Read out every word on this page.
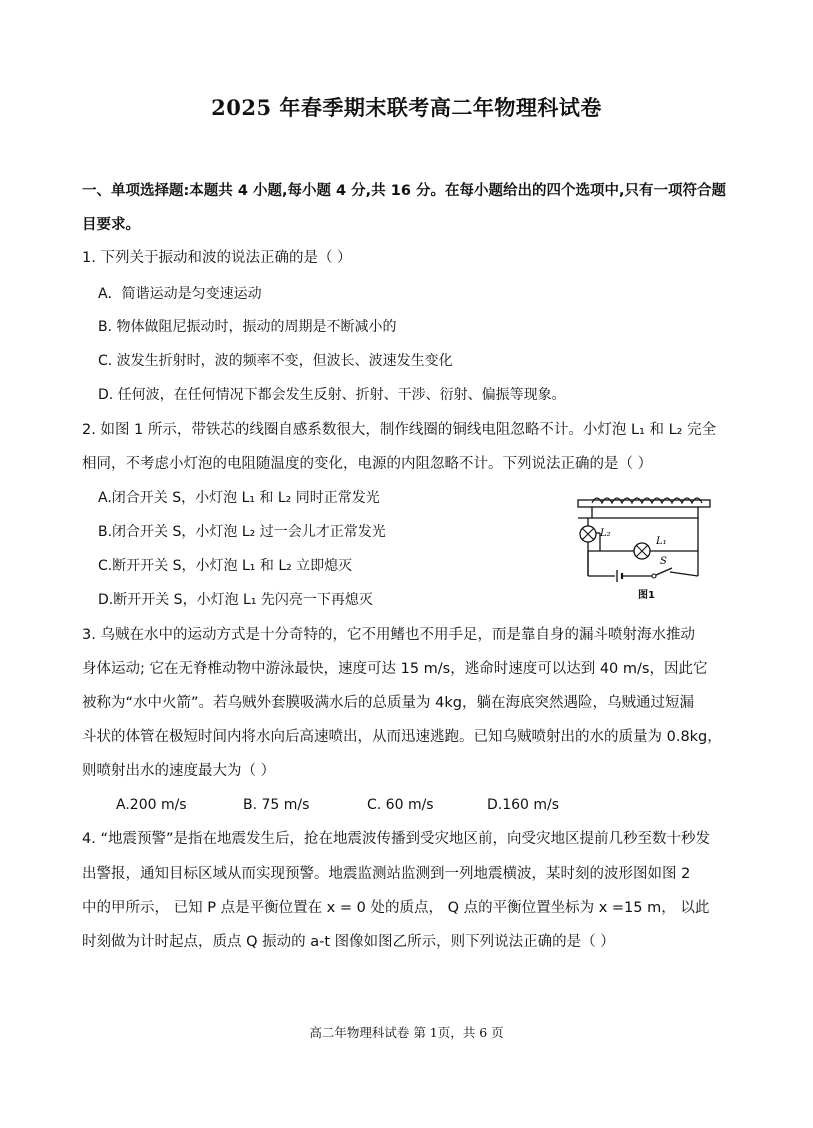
2025 年春季期末联考高二年物理科试卷
一、单项选择题:本题共 4 小题,每小题 4 分,共 16 分。在每小题给出的四个选项中,只有一项符合题
目要求。
1. 下列关于振动和波的说法正确的是（ ）
A．简谐运动是匀变速运动
B. 物体做阻尼振动时，振动的周期是不断减小的
C. 波发生折射时，波的频率不变，但波长、波速发生变化
D. 任何波，在任何情况下都会发生反射、折射、干涉、衍射、偏振等现象。
2. 如图 1 所示，带铁芯的线圈自感系数很大，制作线圈的铜线电阻忽略不计。小灯泡 L₁ 和 L₂ 完全
相同，不考虑小灯泡的电阻随温度的变化，电源的内阻忽略不计。下列说法正确的是（ ）
A.闭合开关 S，小灯泡 L₁ 和 L₂ 同时正常发光
B.闭合开关 S，小灯泡 L₂ 过一会儿才正常发光
C.断开开关 S，小灯泡 L₁ 和 L₂ 立即熄灭
D.断开开关 S，小灯泡 L₁ 先闪亮一下再熄灭
L₂
L₁
S
图1
3. 乌贼在水中的运动方式是十分奇特的，它不用鳍也不用手足，而是靠自身的漏斗喷射海水推动
身体运动; 它在无脊椎动物中游泳最快，速度可达 15 m/s，逃命时速度可以达到 40 m/s，因此它
被称为“水中火箭”。若乌贼外套膜吸满水后的总质量为 4kg，躺在海底突然遇险，乌贼通过短漏
斗状的体管在极短时间内将水向后高速喷出，从而迅速逃跑。已知乌贼喷射出的水的质量为 0.8kg，
则喷射出水的速度最大为（ ）
A.200 m/s	B. 75 m/s	C. 60 m/s	D.160 m/s
4. “地震预警”是指在地震发生后，抢在地震波传播到受灾地区前，向受灾地区提前几秒至数十秒发
出警报，通知目标区域从而实现预警。地震监测站监测到一列地震横波，某时刻的波形图如图 2
中的甲所示， 已知 P 点是平衡位置在 x = 0 处的质点， Q 点的平衡位置坐标为 x =15 m， 以此
时刻做为计时起点，质点 Q 振动的 a-t 图像如图乙所示，则下列说法正确的是（ ）
高二年物理科试卷 第 1页，共 6 页
